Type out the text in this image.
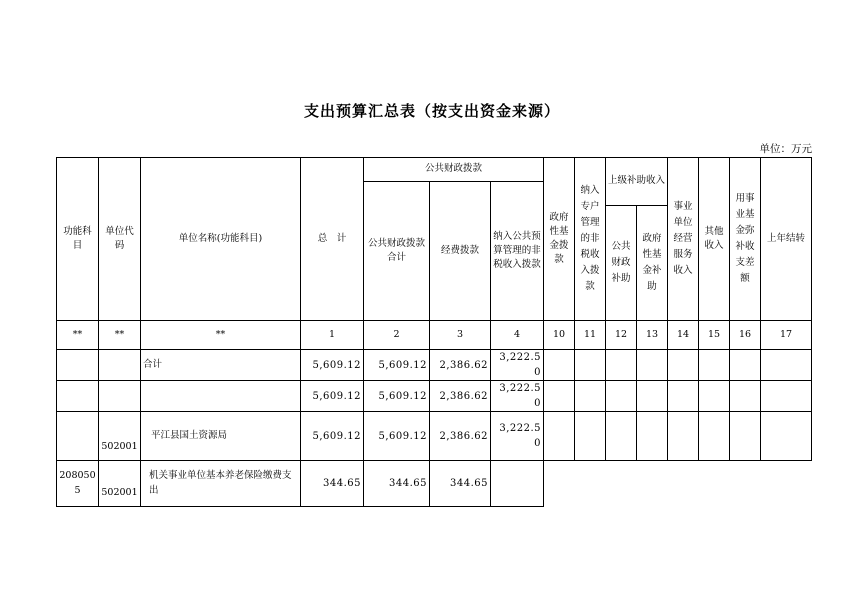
支出预算汇总表（按支出资金来源）
单位：万元
功能科目	单位代码	单位名称(功能科目)	总　计	公共财政拨款			政府性基金拨款	纳入专户管理的非税收入拨款	上级补助收入		事业单位经营服务收入	其他收入	用事业基金弥补收支差额	上年结转
				公共财政拨款合计	经费拨款	纳入公共预算管理的非税收入拨款								
									公共财政补助	政府性基金补助				
**	**	**	1	2	3	4	10	11	12	13	14	15	16	17
		合计	5,609.12	5,609.12	2,386.62	3,222.50								
			5,609.12	5,609.12	2,386.62	3,222.50								
	502001	平江县国土资源局	5,609.12	5,609.12	2,386.62	3,222.50								
2080505	502001	机关事业单位基本养老保险缴费支出	344.65	344.65	344.65									
